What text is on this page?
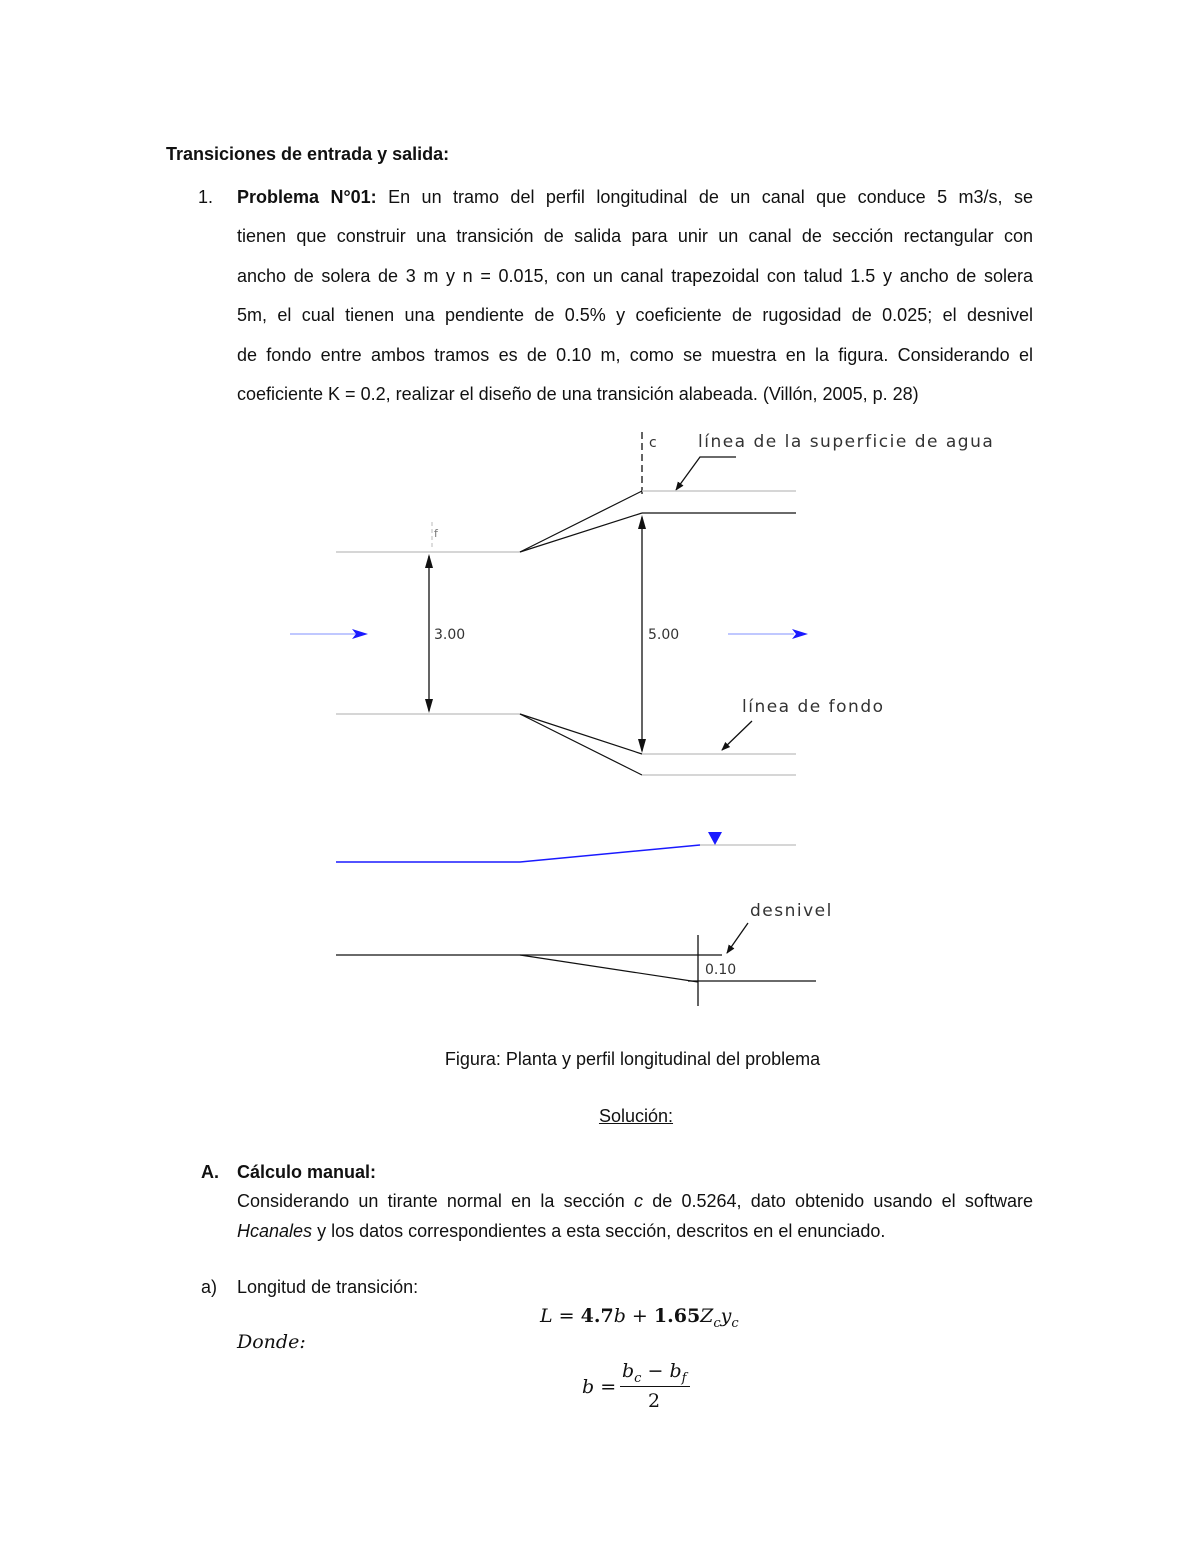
Transiciones de entrada y salida:
1. Problema N°01: En un tramo del perfil longitudinal de un canal que conduce 5 m3/s, se
tienen que construir una transición de salida para unir un canal de sección rectangular con
ancho de solera de 3 m y n = 0.015, con un canal trapezoidal con talud 1.5 y ancho de solera
5m, el cual tienen una pendiente de 0.5% y coeficiente de rugosidad de 0.025; el desnivel
de fondo entre ambos tramos es de 0.10 m, como se muestra en la figura. Considerando el
coeficiente K = 0.2, realizar el diseño de una transición alabeada. (Villón, 2005, p. 28)
c
f
línea de la superficie de agua
3.00	5.00
línea de fondo
desnivel
0.10
Figura: Planta y perfil longitudinal del problema
Solución:
A. Cálculo manual:
Considerando un tirante normal en la sección c de 0.5264, dato obtenido usando el software
Hcanales y los datos correspondientes a esta sección, descritos en el enunciado.
a) Longitud de transición:
$L = 4.7b + 1.65Z_cy_c$
Donde:
b =
$b_c - b_f$
2
